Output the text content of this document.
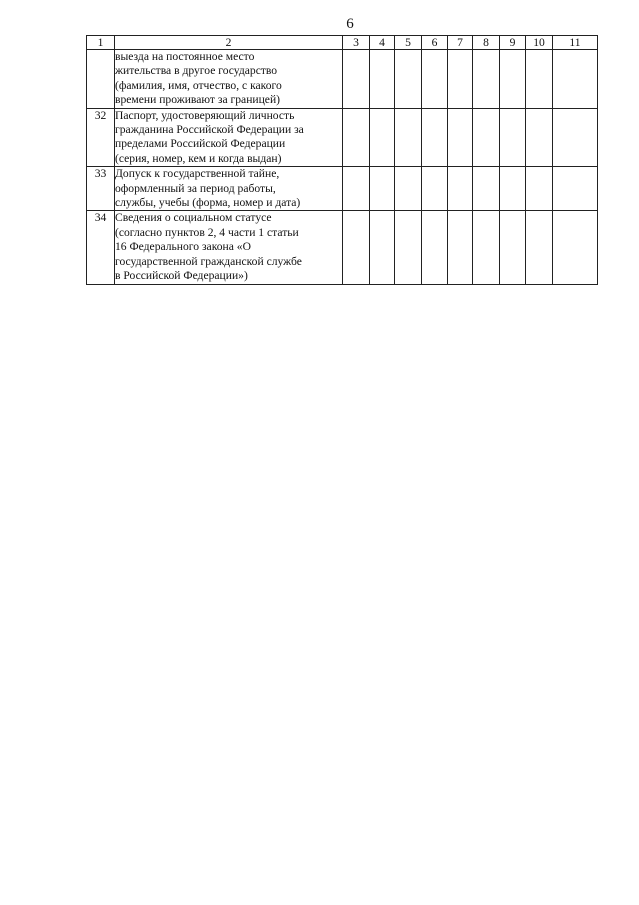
6
1	2	3	4	5	6	7	8	9	10	11

	выезда на постоянное место
жительства в другое государство
(фамилия, имя, отчество, с какого
времени проживают за границей)									

32	Паспорт, удостоверяющий личность
гражданина Российской Федерации за
пределами Российской Федерации
(серия, номер, кем и когда выдан)									

33	Допуск к государственной тайне,
оформленный за период работы,
службы, учебы (форма, номер и дата)									

34	Сведения о социальном статусе
(согласно пунктов 2, 4 части 1 статьи
16 Федерального закона «О
государственной гражданской службе
в Российской Федерации»)									
